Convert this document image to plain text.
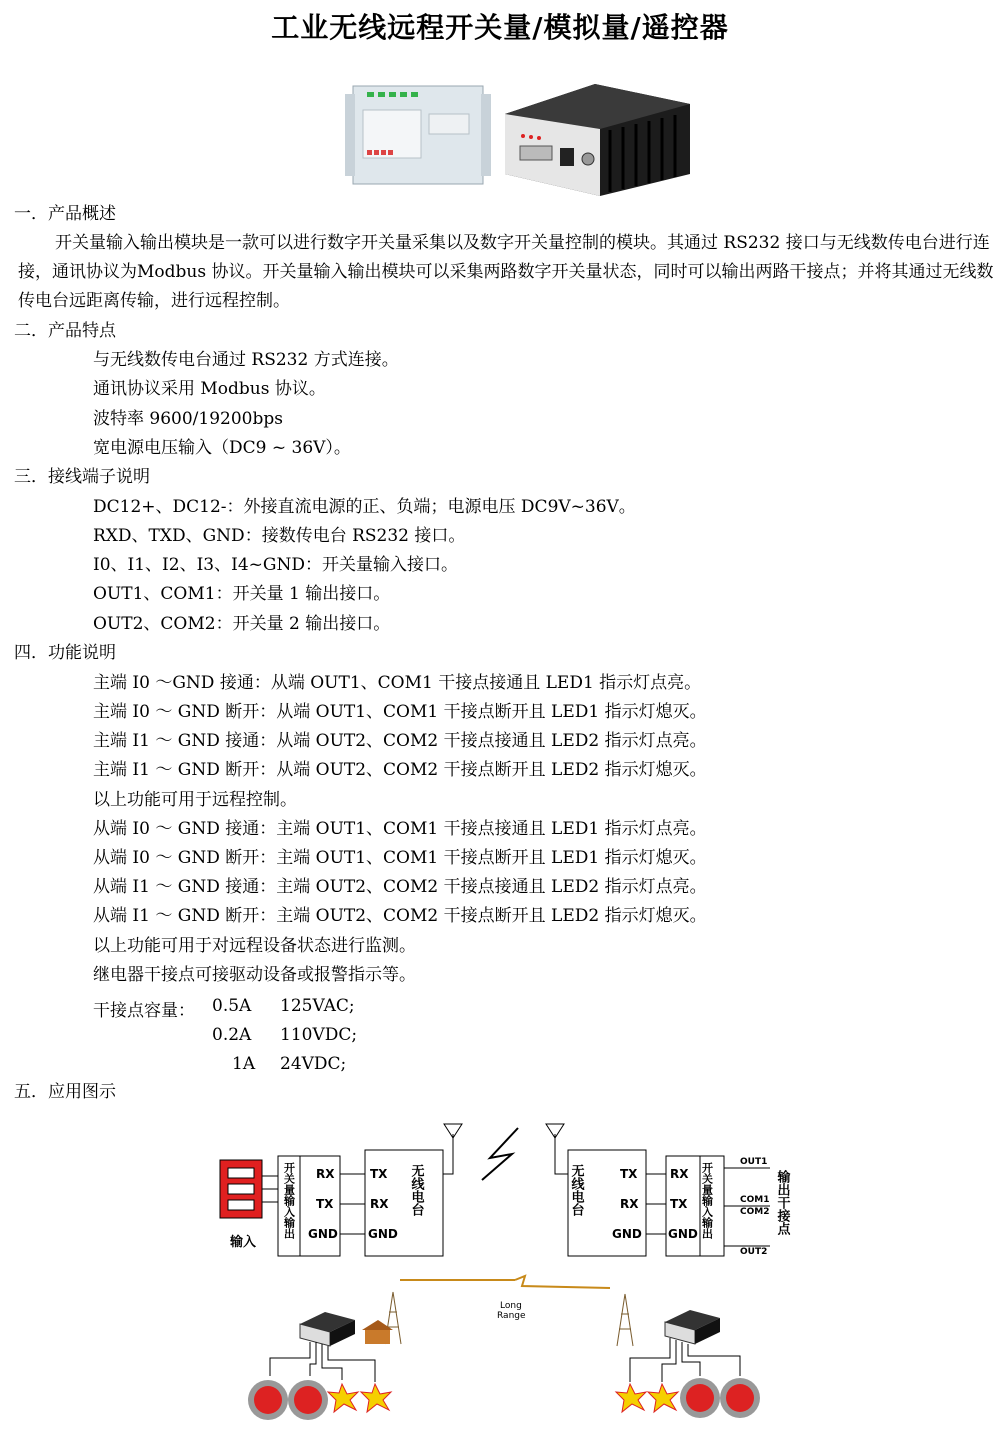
工业无线远程开关量/模拟量/遥控器
一．产品概述
开关量输入输出模块是一款可以进行数字开关量采集以及数字开关量控制的模块。其通过 RS232 接口与无线数传电台进行连接，通讯协议为Modbus 协议。开关量输入输出模块可以采集两路数字开关量状态，同时可以输出两路干接点；并将其通过无线数传电台远距离传输，进行远程控制。
二．产品特点
与无线数传电台通过 RS232 方式连接。
通讯协议采用 Modbus 协议。
波特率 9600/19200bps
宽电源电压输入（DC9 ~ 36V）。
三．接线端子说明
DC12+、DC12-：外接直流电源的正、负端；电源电压 DC9V~36V。
RXD、TXD、GND：接数传电台 RS232 接口。
I0、I1、I2、I3、I4~GND：开关量输入接口。
OUT1、COM1：开关量 1 输出接口。
OUT2、COM2：开关量 2 输出接口。
四．功能说明
主端 I0 ～GND 接通：从端 OUT1、COM1 干接点接通且 LED1 指示灯点亮。
主端 I0 ～ GND 断开：从端 OUT1、COM1 干接点断开且 LED1 指示灯熄灭。
主端 I1 ～ GND 接通：从端 OUT2、COM2 干接点接通且 LED2 指示灯点亮。
主端 I1 ～ GND 断开：从端 OUT2、COM2 干接点断开且 LED2 指示灯熄灭。
以上功能可用于远程控制。
从端 I0 ～ GND 接通：主端 OUT1、COM1 干接点接通且 LED1 指示灯点亮。
从端 I0 ～ GND 断开：主端 OUT1、COM1 干接点断开且 LED1 指示灯熄灭。
从端 I1 ～ GND 接通：主端 OUT2、COM2 干接点接通且 LED2 指示灯点亮。
从端 I1 ～ GND 断开：主端 OUT2、COM2 干接点断开且 LED2 指示灯熄灭。
以上功能可用于对远程设备状态进行监测。
继电器干接点可接驱动设备或报警指示等。
干接点容量： 0.5A 125VAC;
0.2A 110VDC;
1A 24VDC;
五．应用图示
输入
开关量输入输出 RX
TX
GND
TX
RX
GND
无线电台	无线电台	TX
RX
GND
RX
TX
GND 开关量输入输出	OUT1
COM1
COM2
OUT2
输出干接点
Long
Range
